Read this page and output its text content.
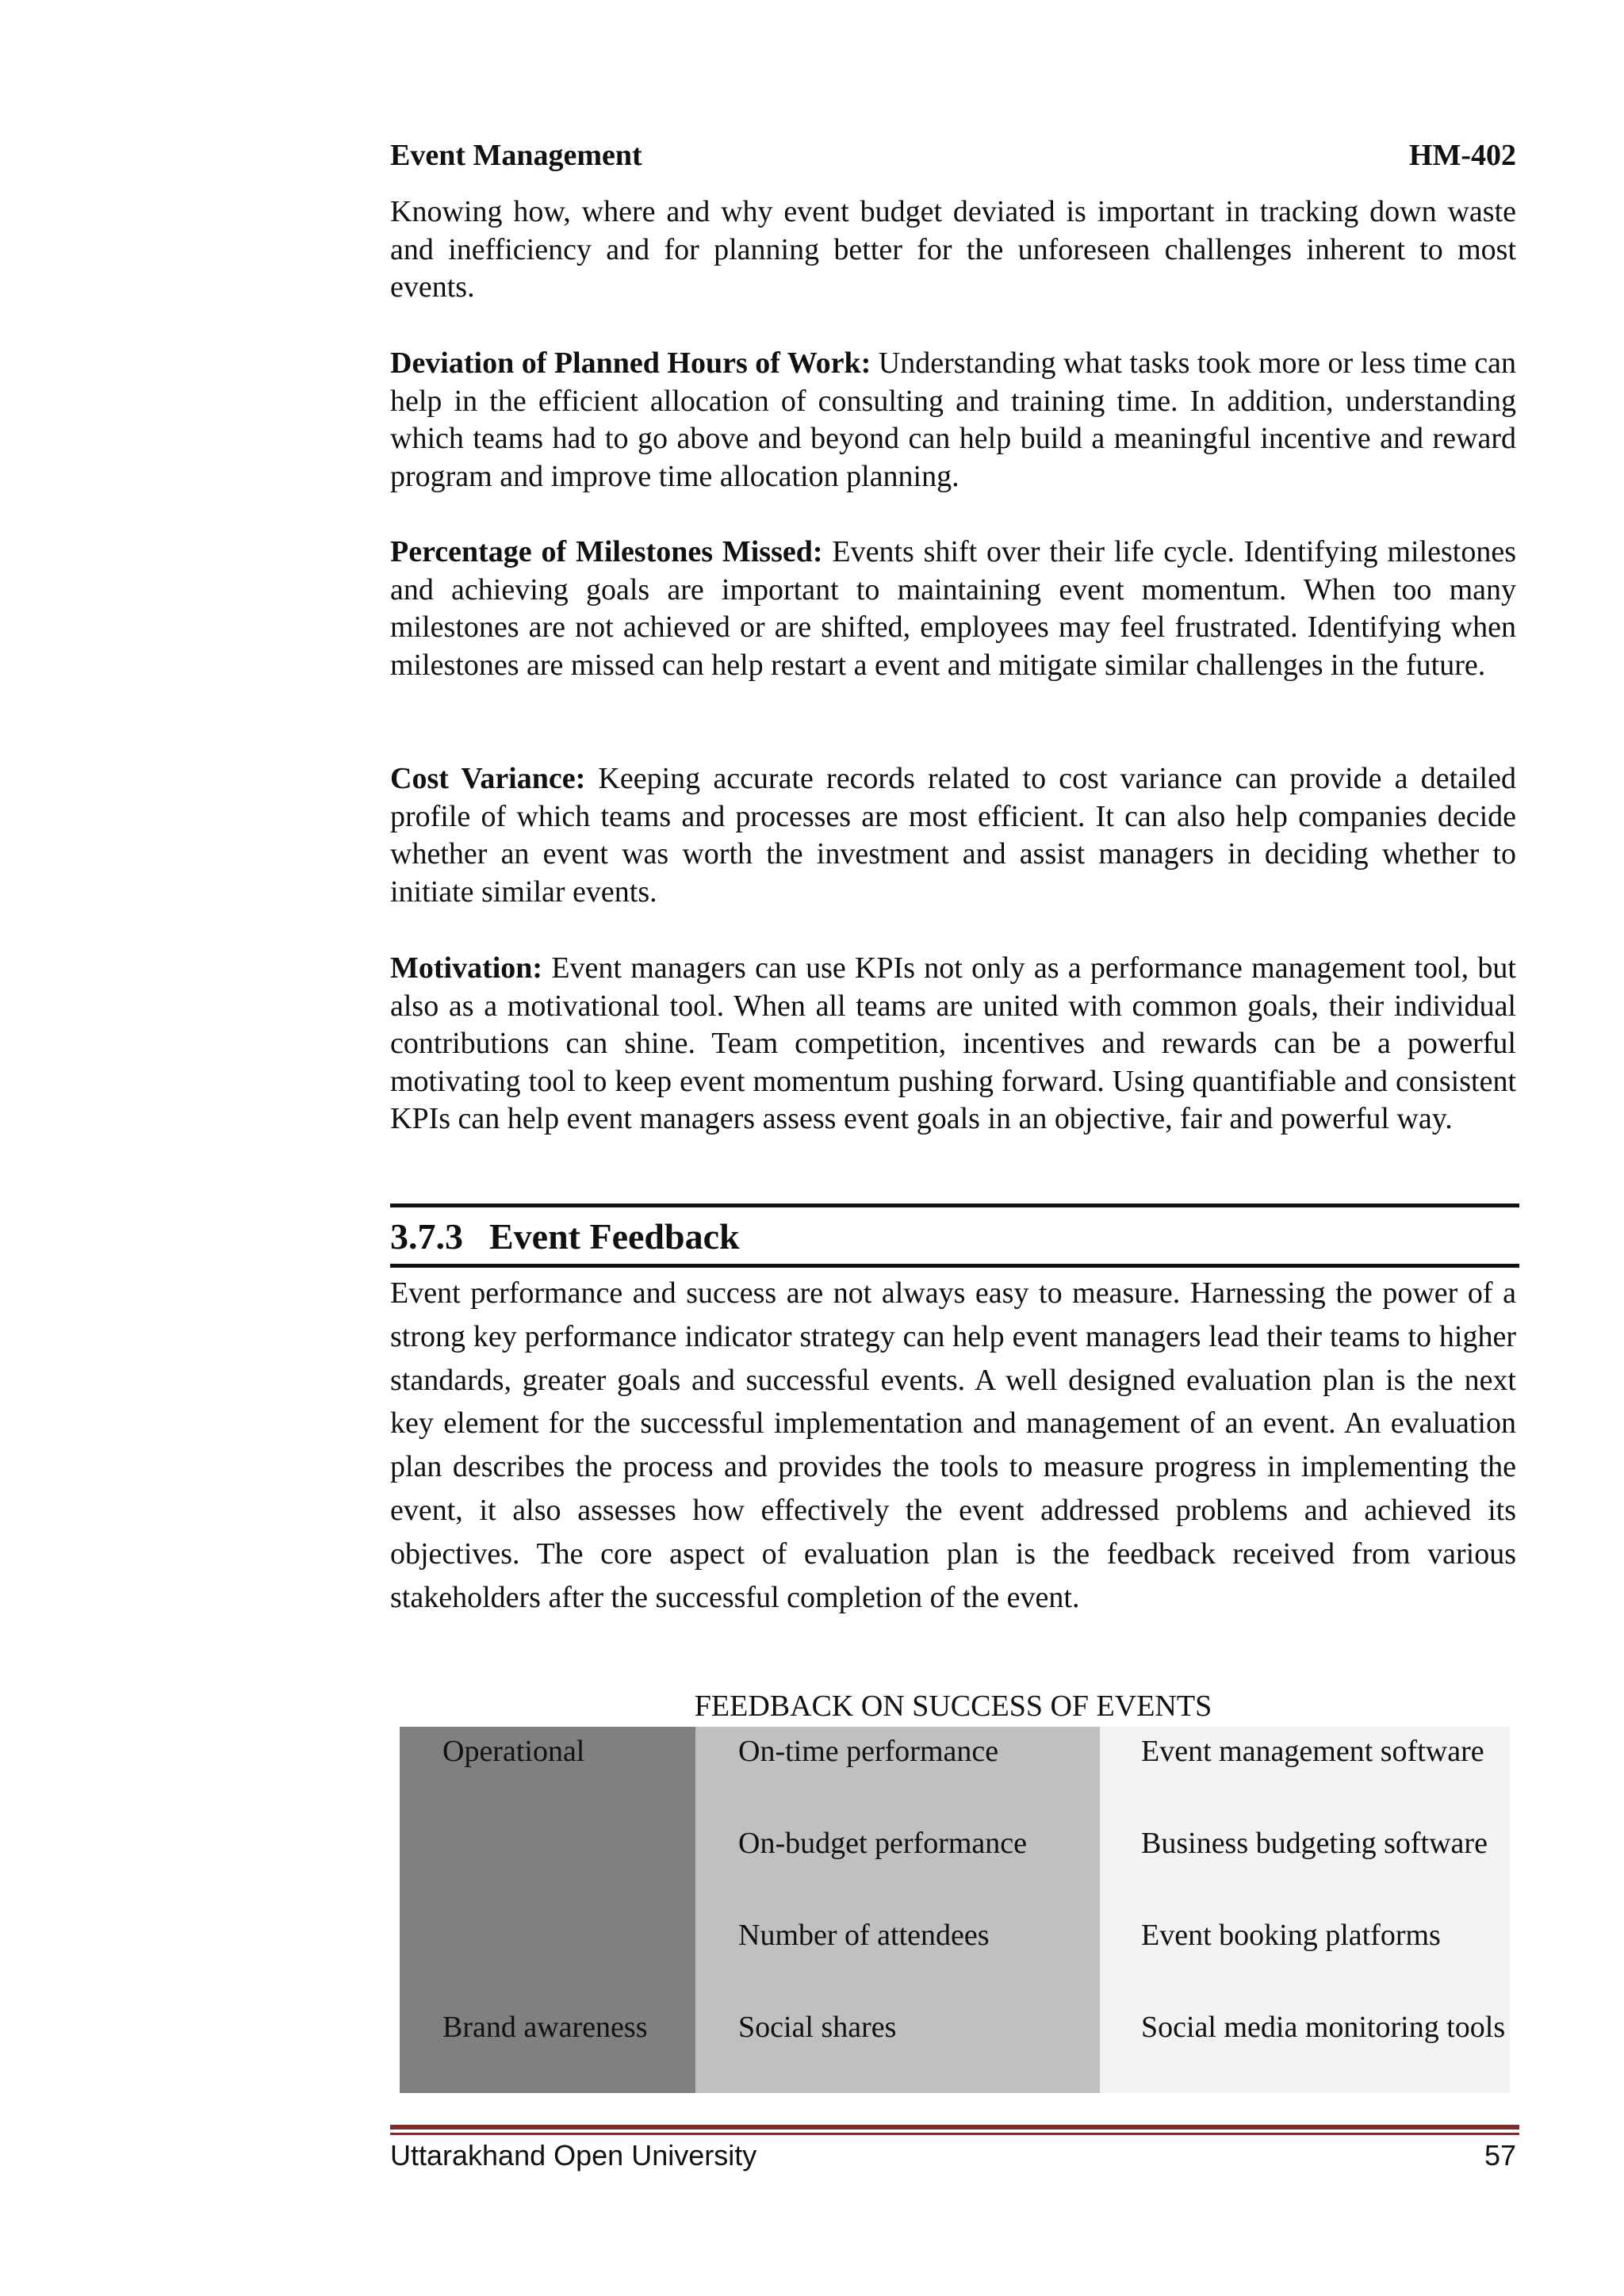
Event Management	HM-402

Knowing how, where and why event budget deviated is important in tracking down waste and inefficiency and for planning better for the unforeseen challenges inherent to most events.

Deviation of Planned Hours of Work: Understanding what tasks took more or less time can help in the efficient allocation of consulting and training time. In addition, understanding which teams had to go above and beyond can help build a meaningful incentive and reward program and improve time allocation planning.

Percentage of Milestones Missed: Events shift over their life cycle. Identifying milestones and achieving goals are important to maintaining event momentum. When too many milestones are not achieved or are shifted, employees may feel frustrated. Identifying when milestones are missed can help restart a event and mitigate similar challenges in the future.

Cost Variance: Keeping accurate records related to cost variance can provide a detailed profile of which teams and processes are most efficient. It can also help companies decide whether an event was worth the investment and assist managers in deciding whether to initiate similar events.

Motivation: Event managers can use KPIs not only as a performance management tool, but also as a motivational tool. When all teams are united with common goals, their individual contributions can shine. Team competition, incentives and rewards can be a powerful motivating tool to keep event momentum pushing forward. Using quantifiable and consistent KPIs can help event managers assess event goals in an objective, fair and powerful way.

3.7.3 Event Feedback

Event performance and success are not always easy to measure. Harnessing the power of a strong key performance indicator strategy can help event managers lead their teams to higher standards, greater goals and successful events. A well designed evaluation plan is the next key element for the successful implementation and management of an event. An evaluation plan describes the process and provides the tools to measure progress in implementing the event, it also assesses how effectively the event addressed problems and achieved its objectives. The core aspect of evaluation plan is the feedback received from various stakeholders after the successful completion of the event.

FEEDBACK ON SUCCESS OF EVENTS
Operational
Brand awareness
On-time performance
On-budget performance
Number of attendees
Social shares
Event management software
Business budgeting software
Event booking platforms
Social media monitoring tools
Uttarakhand Open University	57
